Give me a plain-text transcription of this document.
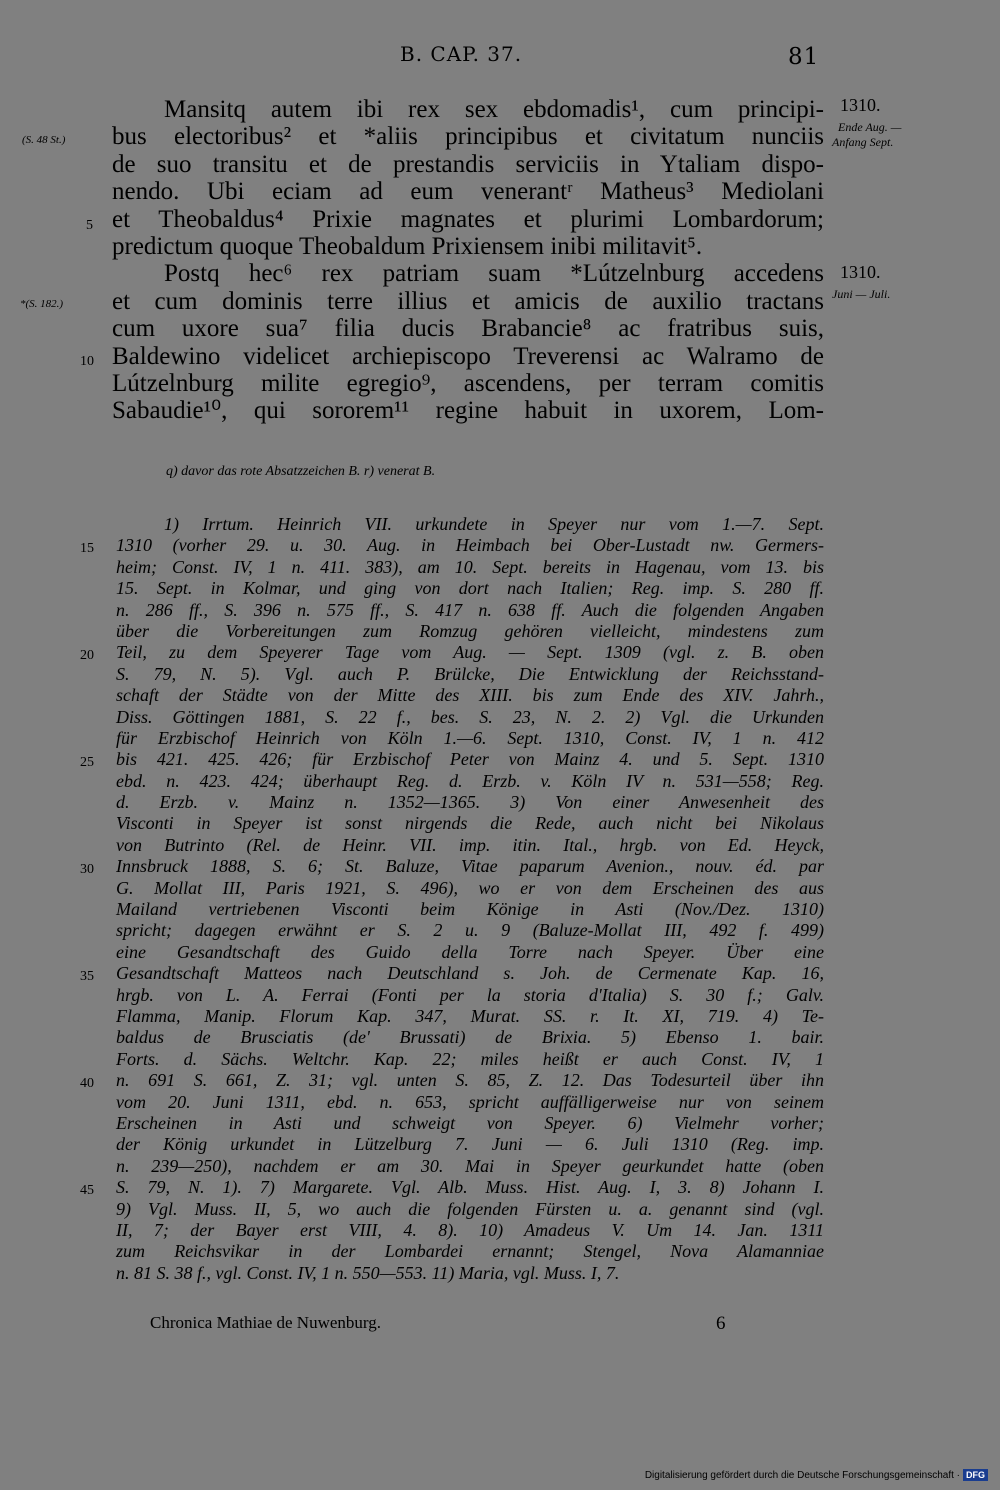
B. CAP. 37.	81
Mansitq autem ibi rex sex ebdomadis¹, cum principi-
bus electoribus² et *aliis principibus et civitatum nunciis
de suo transitu et de prestandis serviciis in Ytaliam dispo-
nendo. Ubi eciam ad eum venerantʳ Matheus³ Mediolani
et Theobaldus⁴ Prixie magnates et plurimi Lombardorum;
predictum quoque Theobaldum Prixiensem inibi militavit⁵.
Postq hec⁶ rex patriam suam *Lútzelnburg accedens
et cum dominis terre illius et amicis de auxilio tractans
cum uxore sua⁷ filia ducis Brabancie⁸ ac fratribus suis,
Baldewino videlicet archiepiscopo Treverensi ac Walramo de
Lútzelnburg milite egregio⁹, ascendens, per terram comitis
Sabaudie¹⁰, qui sororem¹¹ regine habuit in uxorem, Lom-
(S. 48 St.)
*(S. 182.)
5
10
1310.
Ende Aug. —
Anfang Sept.
1310.
Juni — Juli.
q) davor das rote Absatzzeichen B. r) venerat B.
1) Irrtum. Heinrich VII. urkundete in Speyer nur vom 1.—7. Sept.
1310 (vorher 29. u. 30. Aug. in Heimbach bei Ober-Lustadt nw. Germers-
heim; Const. IV, 1 n. 411. 383), am 10. Sept. bereits in Hagenau, vom 13. bis
15. Sept. in Kolmar, und ging von dort nach Italien; Reg. imp. S. 280 ff.
n. 286 ff., S. 396 n. 575 ff., S. 417 n. 638 ff. Auch die folgenden Angaben
über die Vorbereitungen zum Romzug gehören vielleicht, mindestens zum
Teil, zu dem Speyerer Tage vom Aug. — Sept. 1309 (vgl. z. B. oben
S. 79, N. 5). Vgl. auch P. Brülcke, Die Entwicklung der Reichsstand-
schaft der Städte von der Mitte des XIII. bis zum Ende des XIV. Jahrh.,
Diss. Göttingen 1881, S. 22 f., bes. S. 23, N. 2. 2) Vgl. die Urkunden
für Erzbischof Heinrich von Köln 1.—6. Sept. 1310, Const. IV, 1 n. 412
bis 421. 425. 426; für Erzbischof Peter von Mainz 4. und 5. Sept. 1310
ebd. n. 423. 424; überhaupt Reg. d. Erzb. v. Köln IV n. 531—558; Reg.
d. Erzb. v. Mainz n. 1352—1365. 3) Von einer Anwesenheit des
Visconti in Speyer ist sonst nirgends die Rede, auch nicht bei Nikolaus
von Butrinto (Rel. de Heinr. VII. imp. itin. Ital., hrgb. von Ed. Heyck,
Innsbruck 1888, S. 6; St. Baluze, Vitae paparum Avenion., nouv. éd. par
G. Mollat III, Paris 1921, S. 496), wo er von dem Erscheinen des aus
Mailand vertriebenen Visconti beim Könige in Asti (Nov./Dez. 1310)
spricht; dagegen erwähnt er S. 2 u. 9 (Baluze-Mollat III, 492 f. 499)
eine Gesandtschaft des Guido della Torre nach Speyer. Über eine
Gesandtschaft Matteos nach Deutschland s. Joh. de Cermenate Kap. 16,
hrgb. von L. A. Ferrai (Fonti per la storia d'Italia) S. 30 f.; Galv.
Flamma, Manip. Florum Kap. 347, Murat. SS. r. It. XI, 719. 4) Te-
baldus de Brusciatis (de' Brussati) de Brixia. 5) Ebenso 1. bair.
Forts. d. Sächs. Weltchr. Kap. 22; miles heißt er auch Const. IV, 1
n. 691 S. 661, Z. 31; vgl. unten S. 85, Z. 12. Das Todesurteil über ihn
vom 20. Juni 1311, ebd. n. 653, spricht auffälligerweise nur von seinem
Erscheinen in Asti und schweigt von Speyer. 6) Vielmehr vorher;
der König urkundet in Lützelburg 7. Juni — 6. Juli 1310 (Reg. imp.
n. 239—250), nachdem er am 30. Mai in Speyer geurkundet hatte (oben
S. 79, N. 1). 7) Margarete. Vgl. Alb. Muss. Hist. Aug. I, 3. 8) Johann I.
9) Vgl. Muss. II, 5, wo auch die folgenden Fürsten u. a. genannt sind (vgl.
II, 7; der Bayer erst VIII, 4. 8). 10) Amadeus V. Um 14. Jan. 1311
zum Reichsvikar in der Lombardei ernannt; Stengel, Nova Alamanniae
n. 81 S. 38 f., vgl. Const. IV, 1 n. 550—553. 11) Maria, vgl. Muss. I, 7.
15
20
25
30
35
40
45
Chronica Mathiae de Nuwenburg.	6
Digitalisierung gefördert durch die Deutsche Forschungsgemeinschaft · DFG
